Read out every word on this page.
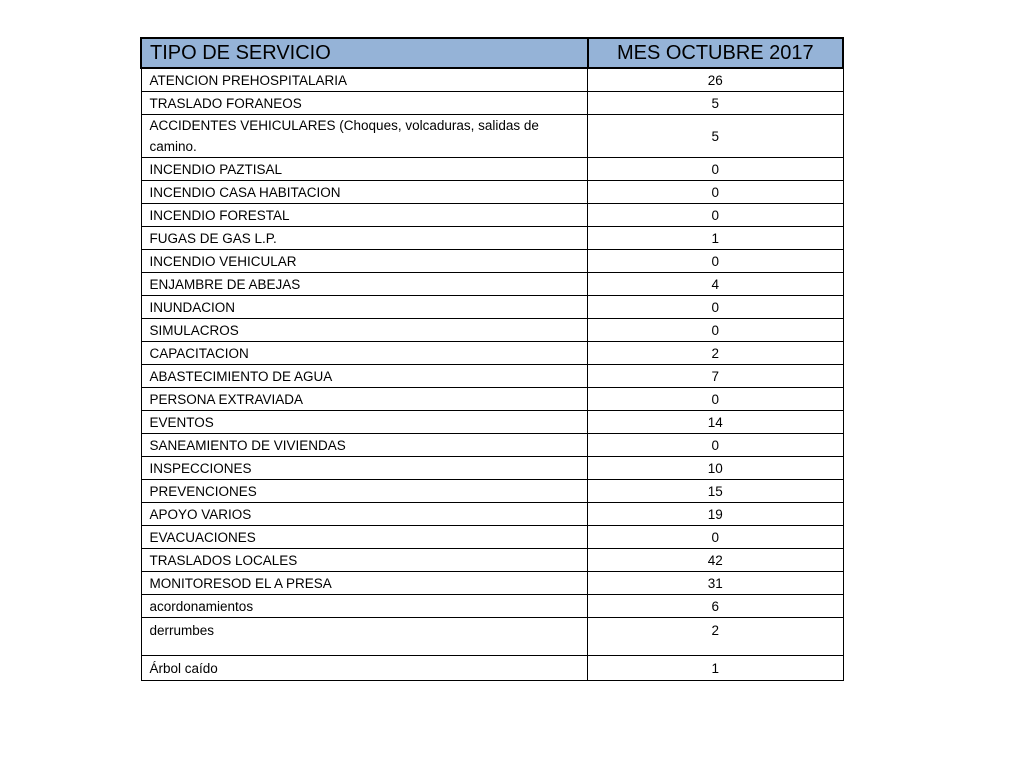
TIPO DE SERVICIO	MES OCTUBRE 2017
ATENCION PREHOSPITALARIA	26
TRASLADO FORANEOS	5
ACCIDENTES VEHICULARES (Choques, volcaduras, salidas de camino.	5
INCENDIO PAZTISAL	0
INCENDIO CASA HABITACION	0
INCENDIO FORESTAL	0
FUGAS DE GAS L.P.	1
INCENDIO VEHICULAR	0
ENJAMBRE DE ABEJAS	4
INUNDACION	0
SIMULACROS	0
CAPACITACION	2
ABASTECIMIENTO DE AGUA	7
PERSONA EXTRAVIADA	0
EVENTOS	14
SANEAMIENTO DE VIVIENDAS	0
INSPECCIONES	10
PREVENCIONES	15
APOYO VARIOS	19
EVACUACIONES	0
TRASLADOS LOCALES	42
MONITORESOD EL A PRESA	31
acordonamientos	6
derrumbes	2
Árbol caído	1
